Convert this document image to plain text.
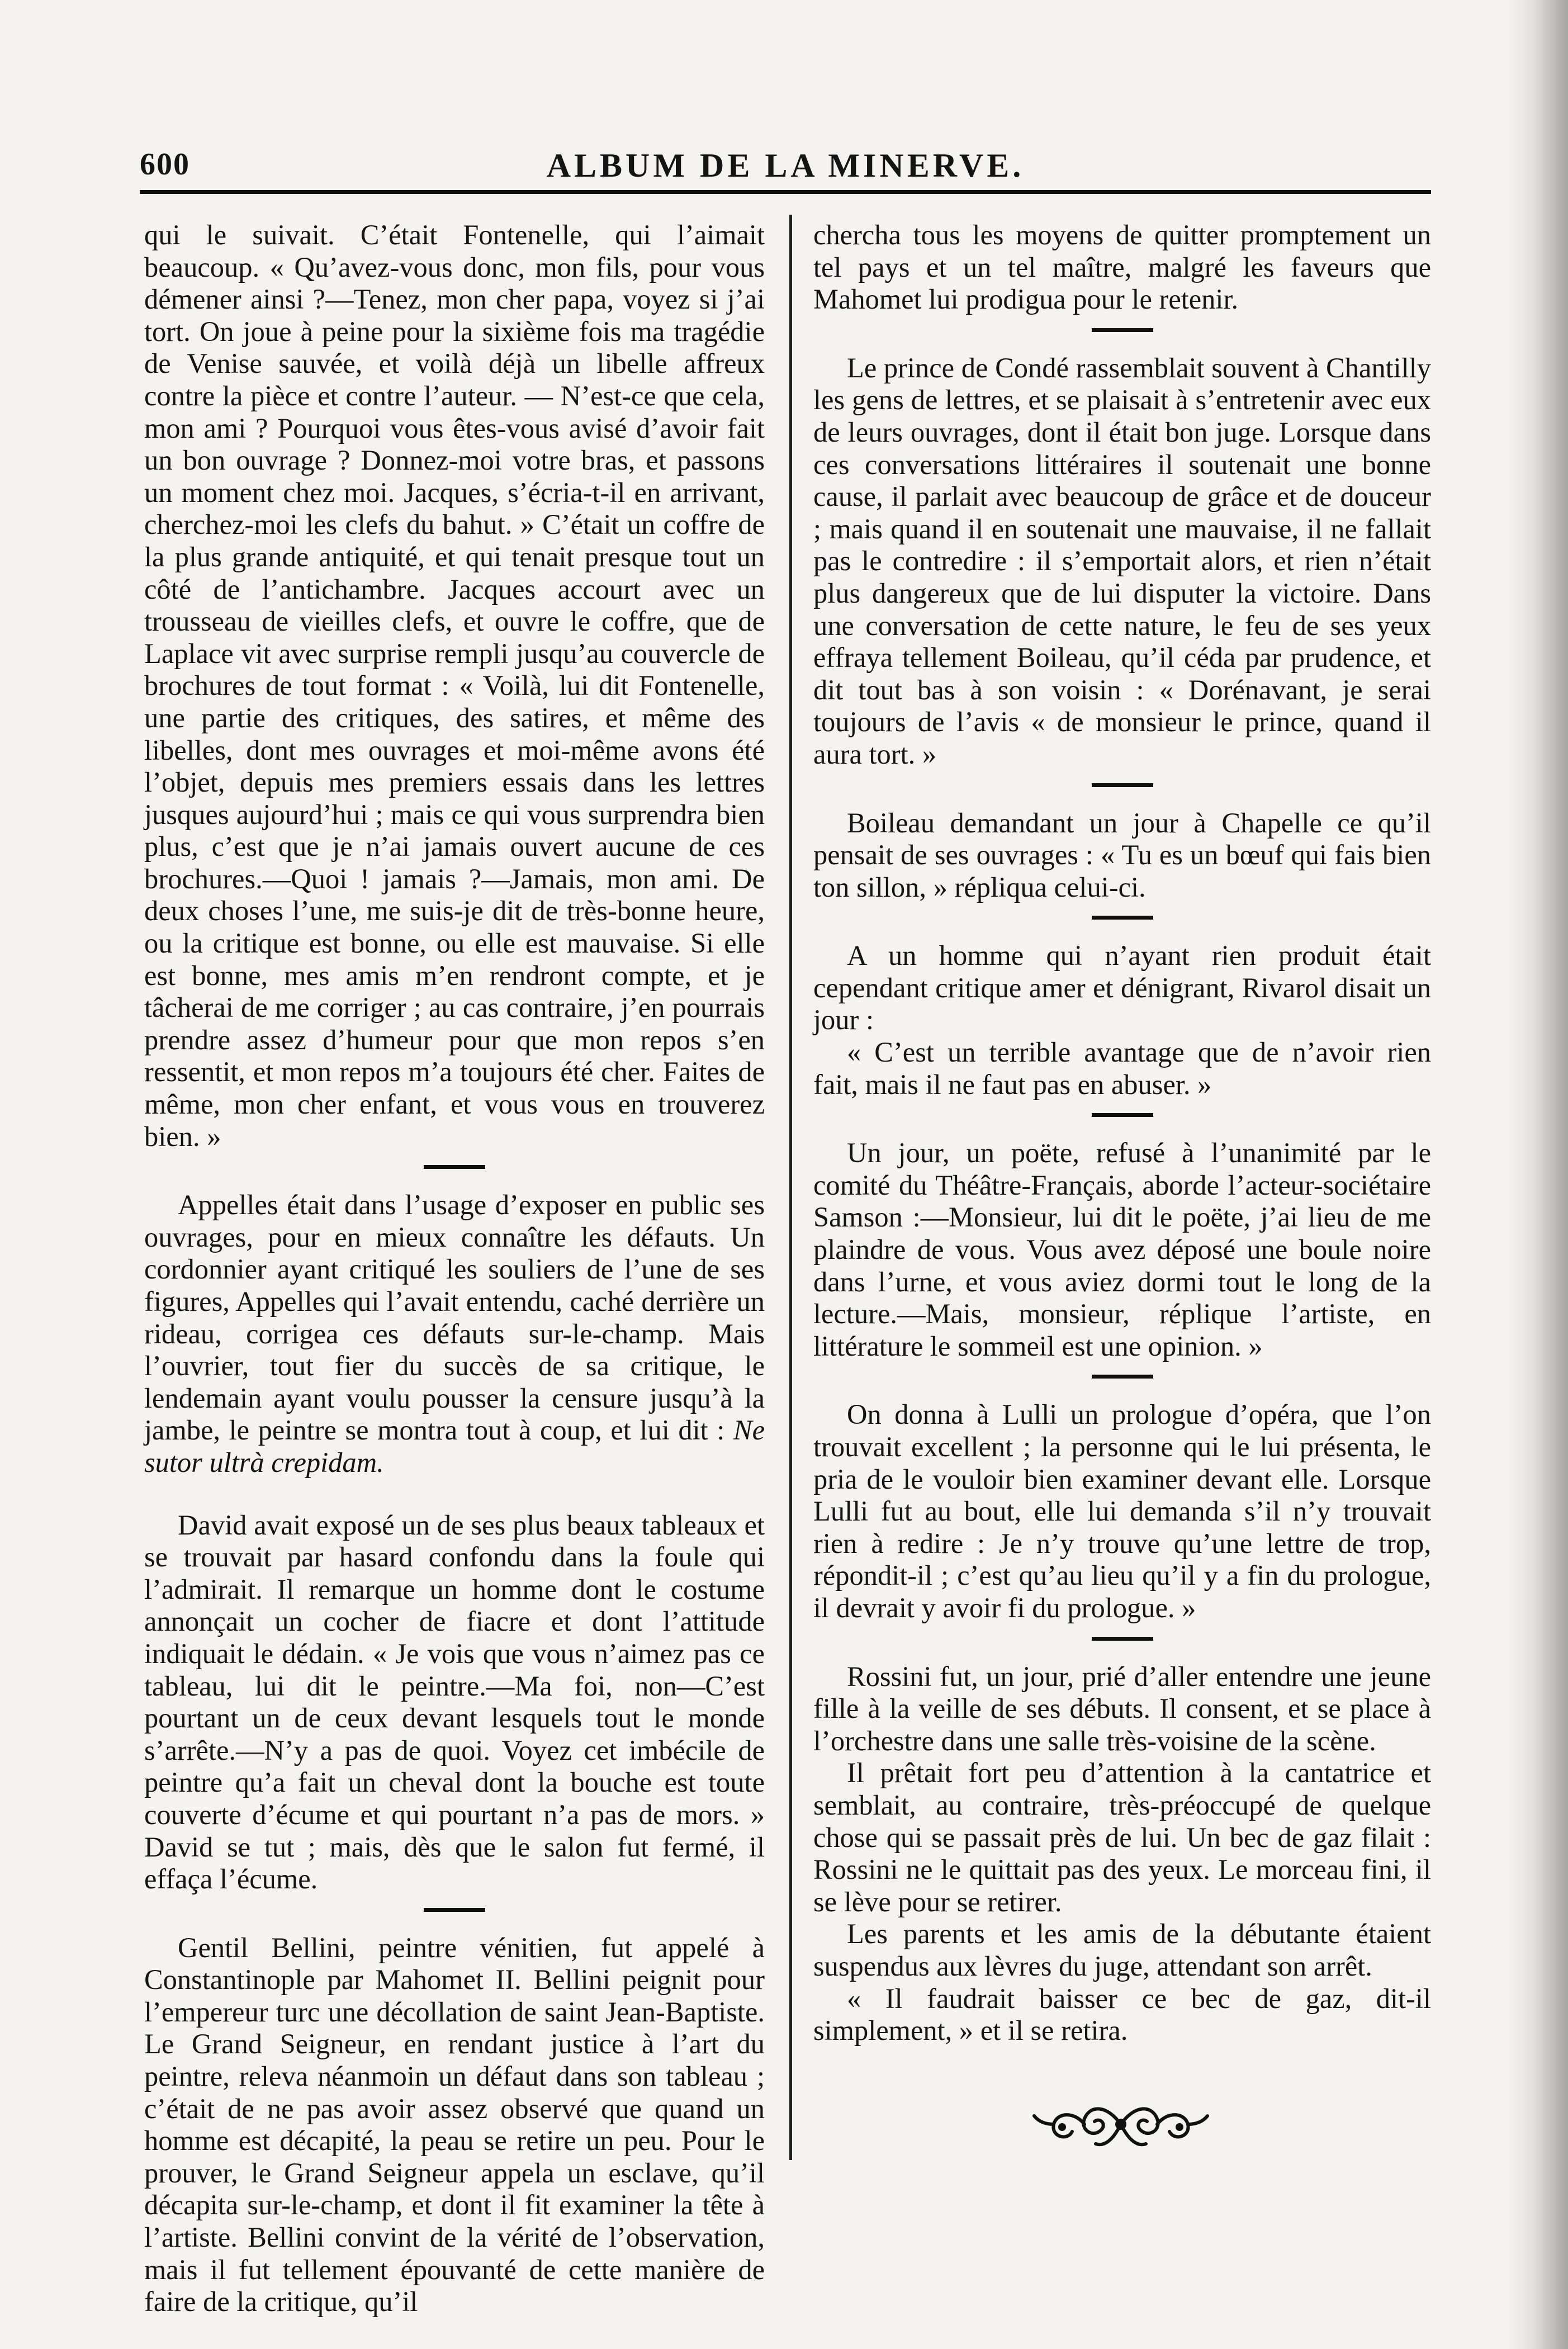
600	ALBUM DE LA MINERVE.

qui le suivait. C’était Fontenelle, qui l’aimait beaucoup. « Qu’avez-vous donc, mon fils, pour vous démener ainsi ?—Tenez, mon cher papa, voyez si j’ai tort. On joue à peine pour la sixième fois ma tragédie de Venise sauvée, et voilà déjà un libelle affreux contre la pièce et contre l’auteur. — N’est-ce que cela, mon ami ? Pourquoi vous êtes-vous avisé d’avoir fait un bon ouvrage ? Donnez-moi votre bras, et passons un moment chez moi. Jacques, s’écria-t-il en arrivant, cherchez-moi les clefs du bahut. » C’était un coffre de la plus grande antiquité, et qui tenait presque tout un côté de l’antichambre. Jacques accourt avec un trousseau de vieilles clefs, et ouvre le coffre, que de Laplace vit avec surprise rempli jusqu’au couvercle de brochures de tout format : « Voilà, lui dit Fontenelle, une partie des critiques, des satires, et même des libelles, dont mes ouvrages et moi-même avons été l’objet, depuis mes premiers essais dans les lettres jusques aujourd’hui ; mais ce qui vous surprendra bien plus, c’est que je n’ai jamais ouvert aucune de ces brochures.—Quoi ! jamais ?—Jamais, mon ami. De deux choses l’une, me suis-je dit de très-bonne heure, ou la critique est bonne, ou elle est mauvaise. Si elle est bonne, mes amis m’en rendront compte, et je tâcherai de me corriger ; au cas contraire, j’en pourrais prendre assez d’humeur pour que mon repos s’en ressentit, et mon repos m’a toujours été cher. Faites de même, mon cher enfant, et vous vous en trouverez bien. »

Appelles était dans l’usage d’exposer en public ses ouvrages, pour en mieux connaître les défauts. Un cordonnier ayant critiqué les souliers de l’une de ses figures, Appelles qui l’avait entendu, caché derrière un rideau, corrigea ces défauts sur-le-champ. Mais l’ouvrier, tout fier du succès de sa critique, le lendemain ayant voulu pousser la censure jusqu’à la jambe, le peintre se montra tout à coup, et lui dit : Ne sutor ultrà crepidam.

David avait exposé un de ses plus beaux tableaux et se trouvait par hasard confondu dans la foule qui l’admirait. Il remarque un homme dont le costume annonçait un cocher de fiacre et dont l’attitude indiquait le dédain. « Je vois que vous n’aimez pas ce tableau, lui dit le peintre.—Ma foi, non—C’est pourtant un de ceux devant lesquels tout le monde s’arrête.—N’y a pas de quoi. Voyez cet imbécile de peintre qu’a fait un cheval dont la bouche est toute couverte d’écume et qui pourtant n’a pas de mors. » David se tut ; mais, dès que le salon fut fermé, il effaça l’écume.

Gentil Bellini, peintre vénitien, fut appelé à Constantinople par Mahomet II. Bellini peignit pour l’empereur turc une décollation de saint Jean-Baptiste. Le Grand Seigneur, en rendant justice à l’art du peintre, releva néanmoin un défaut dans son tableau ; c’était de ne pas avoir assez observé que quand un homme est décapité, la peau se retire un peu. Pour le prouver, le Grand Seigneur appela un esclave, qu’il décapita sur-le-champ, et dont il fit examiner la tête à l’artiste. Bellini convint de la vérité de l’observation, mais il fut tellement épouvanté de cette manière de faire de la critique, qu’il

chercha tous les moyens de quitter promptement un tel pays et un tel maître, malgré les faveurs que Mahomet lui prodigua pour le retenir.

Le prince de Condé rassemblait souvent à Chantilly les gens de lettres, et se plaisait à s’entretenir avec eux de leurs ouvrages, dont il était bon juge. Lorsque dans ces conversations littéraires il soutenait une bonne cause, il parlait avec beaucoup de grâce et de douceur ; mais quand il en soutenait une mauvaise, il ne fallait pas le contredire : il s’emportait alors, et rien n’était plus dangereux que de lui disputer la victoire. Dans une conversation de cette nature, le feu de ses yeux effraya tellement Boileau, qu’il céda par prudence, et dit tout bas à son voisin : « Dorénavant, je serai toujours de l’avis « de monsieur le prince, quand il aura tort. »

Boileau demandant un jour à Chapelle ce qu’il pensait de ses ouvrages : « Tu es un bœuf qui fais bien ton sillon, » répliqua celui-ci.

A un homme qui n’ayant rien produit était cependant critique amer et dénigrant, Rivarol disait un jour :

« C’est un terrible avantage que de n’avoir rien fait, mais il ne faut pas en abuser. »

Un jour, un poëte, refusé à l’unanimité par le comité du Théâtre-Français, aborde l’acteur-sociétaire Samson :—Monsieur, lui dit le poëte, j’ai lieu de me plaindre de vous. Vous avez déposé une boule noire dans l’urne, et vous aviez dormi tout le long de la lecture.—Mais, monsieur, réplique l’artiste, en littérature le sommeil est une opinion. »

On donna à Lulli un prologue d’opéra, que l’on trouvait excellent ; la personne qui le lui présenta, le pria de le vouloir bien examiner devant elle. Lorsque Lulli fut au bout, elle lui demanda s’il n’y trouvait rien à redire : Je n’y trouve qu’une lettre de trop, répondit-il ; c’est qu’au lieu qu’il y a fin du prologue, il devrait y avoir fi du prologue. »

Rossini fut, un jour, prié d’aller entendre une jeune fille à la veille de ses débuts. Il consent, et se place à l’orchestre dans une salle très-voisine de la scène.

Il prêtait fort peu d’attention à la cantatrice et semblait, au contraire, très-préoccupé de quelque chose qui se passait près de lui. Un bec de gaz filait : Rossini ne le quittait pas des yeux. Le morceau fini, il se lève pour se retirer.

Les parents et les amis de la débutante étaient suspendus aux lèvres du juge, attendant son arrêt.

« Il faudrait baisser ce bec de gaz, dit-il simplement, » et il se retira.
